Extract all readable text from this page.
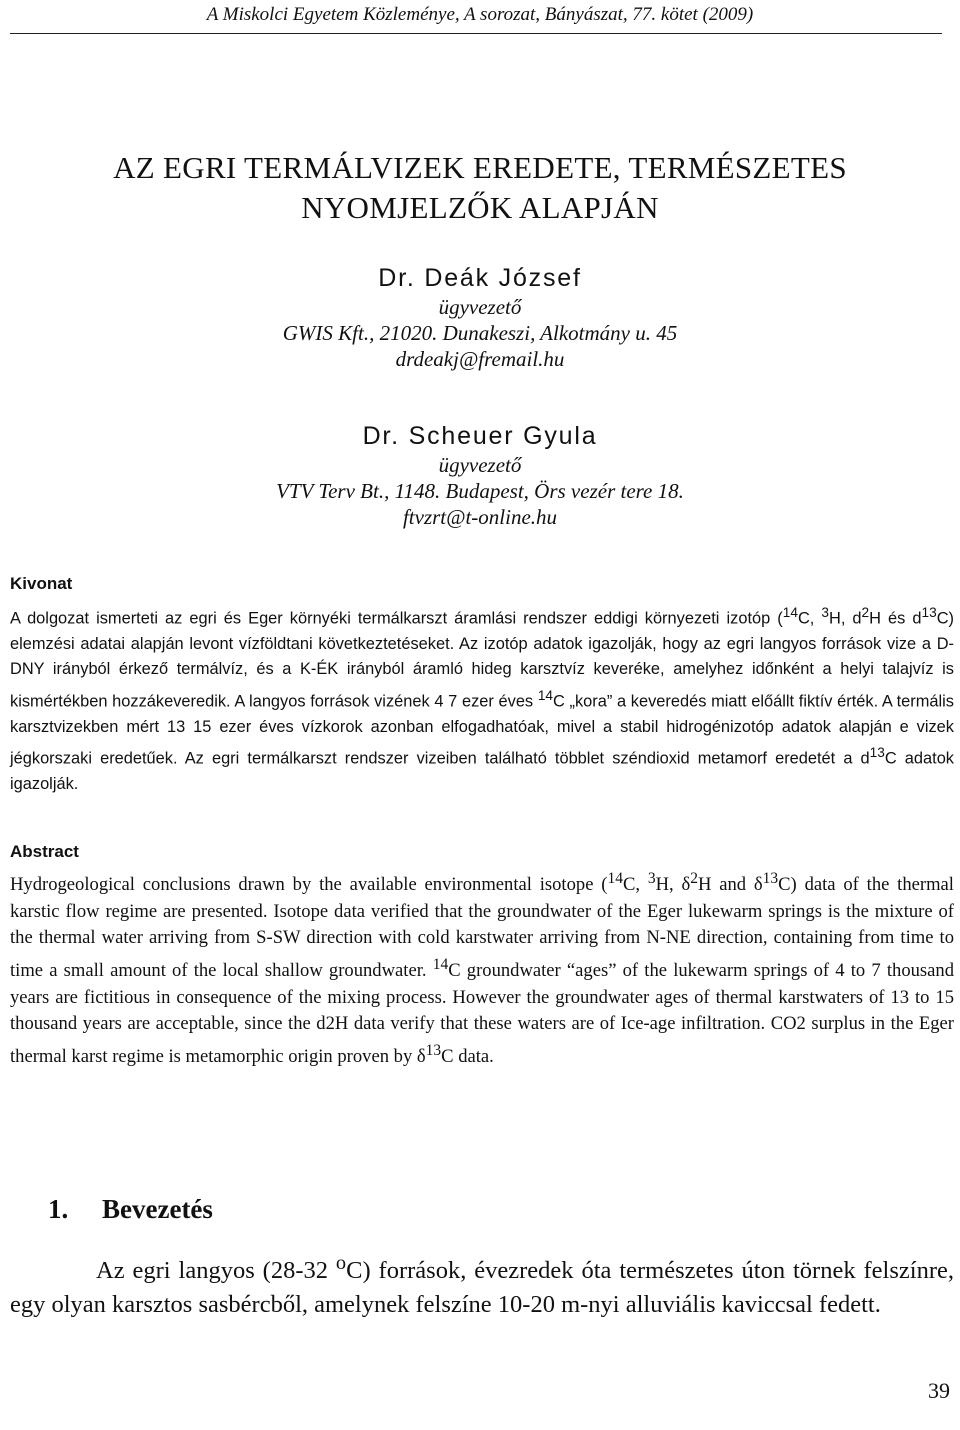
A Miskolci Egyetem Közleménye, A sorozat, Bányászat, 77. kötet (2009)
AZ EGRI TERMÁLVIZEK EREDETE, TERMÉSZETES
NYOMJELZŐK ALAPJÁN
Dr. Deák József
ügyvezető
GWIS Kft., 21020. Dunakeszi, Alkotmány u. 45
drdeakj@fremail.hu
Dr. Scheuer Gyula
ügyvezető
VTV Terv Bt., 1148. Budapest, Örs vezér tere 18.
ftvzrt@t-online.hu
Kivonat

A dolgozat ismerteti az egri és Eger környéki termálkarszt áramlási rendszer eddigi környezeti izotóp ($^{14}$C, $^3$H, $d^2H$ és $d^{13}C$) elemzési adatai alapján levont vízföldtani következtetéseket. Az izotóp adatok igazolják, hogy az egri langyos források vize a D-DNY irányból érkező termálvíz, és a K-ÉK irányból áramló hideg karsztvíz keveréke, amelyhez időnként a helyi talajvíz is kismértékben hozzákeveredik. A langyos források vizének 4 7 ezer éves $^{14}$C „kora” a keveredés miatt előállt fiktív érték. A termális karsztvizekben mért 13 15 ezer éves vízkorok azonban elfogadhatóak, mivel a stabil hidrogénizotóp adatok alapján e vizek jégkorszaki eredetűek. Az egri termálkarszt rendszer vizeiben található többlet széndioxid metamorf eredetét a $d^{13}C$ adatok igazolják.

Abstract

Hydrogeological conclusions drawn by the available environmental isotope ($^{14}$C, $^3$H, $\delta^2H$ and $\delta^{13}C$) data of the thermal karstic flow regime are presented. Isotope data verified that the groundwater of the Eger lukewarm springs is the mixture of the thermal water arriving from S-SW direction with cold karstwater arriving from N-NE direction, containing from time to time a small amount of the local shallow groundwater. $^{14}$C groundwater “ages” of the lukewarm springs of 4 to 7 thousand years are fictitious in consequence of the mixing process. However the groundwater ages of thermal karstwaters of 13 to 15 thousand years are acceptable, since the d2H data verify that these waters are of Ice-age infiltration. CO2 surplus in the Eger thermal karst regime is metamorphic origin proven by $\delta^{13}C$ data.

1. Bevezetés
Az egri langyos (28-32 $^o$C) források, évezredek óta természetes úton törnek felszínre, egy olyan karsztos sasbércből, amelynek felszíne 10-20 m-nyi alluviális kaviccsal fedett.
39
